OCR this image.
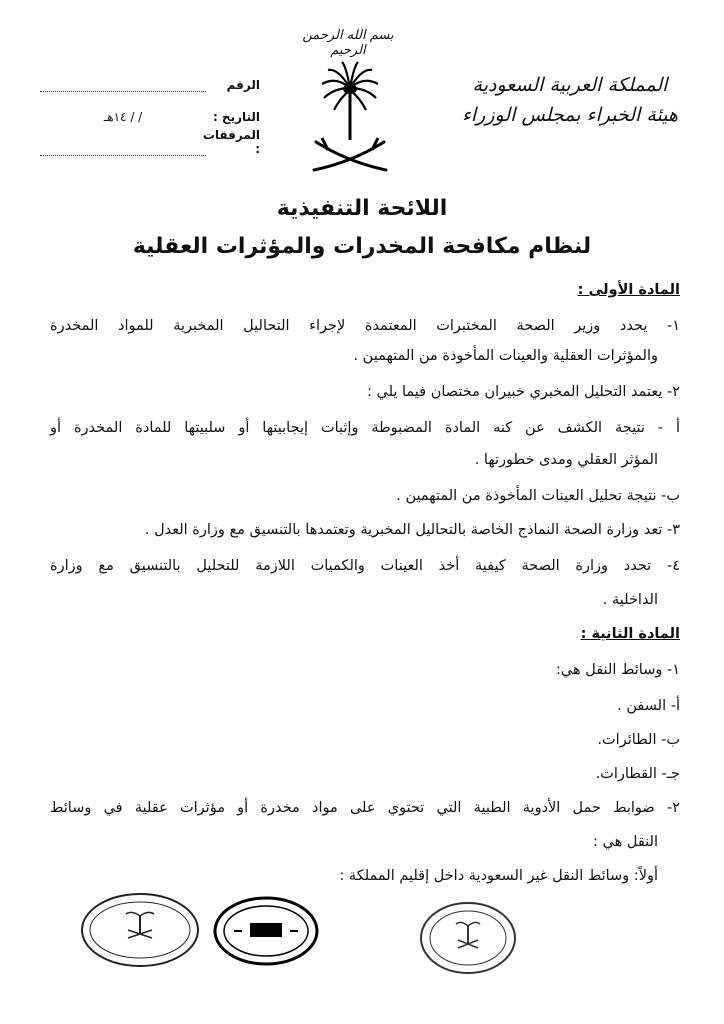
بسم الله الرحمن الرحيم
المملكة العربية السعودية
هيئة الخبراء بمجلس الوزراء
الرقم
التاريخ :
/ / ١٤هـ
المرفقات :
اللائحة التنفيذية
لنظام مكافحة المخدرات والمؤثرات العقلية
المادة الأولى :
١- يحدد وزير الصحة المختبرات المعتمدة لإجراء التحاليل المخبرية للمواد المخدرة
والمؤثرات العقلية والعينات المأخوذة من المتهمين .
٢- يعتمد التحليل المخبري خبيران مختصان فيما يلي :
أ - نتيجة الكشف عن كنه المادة المضبوطة وإثبات إيجابيتها أو سلبيتها للمادة المخدرة أو
المؤثر العقلي ومدى خطورتها .
ب- نتيجة تحليل العينات المأخوذة من المتهمين .
٣- تعد وزارة الصحة النماذج الخاصة بالتحاليل المخبرية وتعتمدها بالتنسيق مع وزارة العدل .
٤- تحدد وزارة الصحة كيفية أخذ العينات والكميات اللازمة للتحليل بالتنسيق مع وزارة
الداخلية .
المادة الثانية :
١- وسائط النقل هي:
أ- السفن .
ب- الطائرات.
جـ- القطارات.
٢- ضوابط حمل الأدوية الطبية التي تحتوي على مواد مخدرة أو مؤثرات عقلية في وسائط
النقل هي :
أولاً: وسائط النقل غير السعودية داخل إقليم المملكة :
